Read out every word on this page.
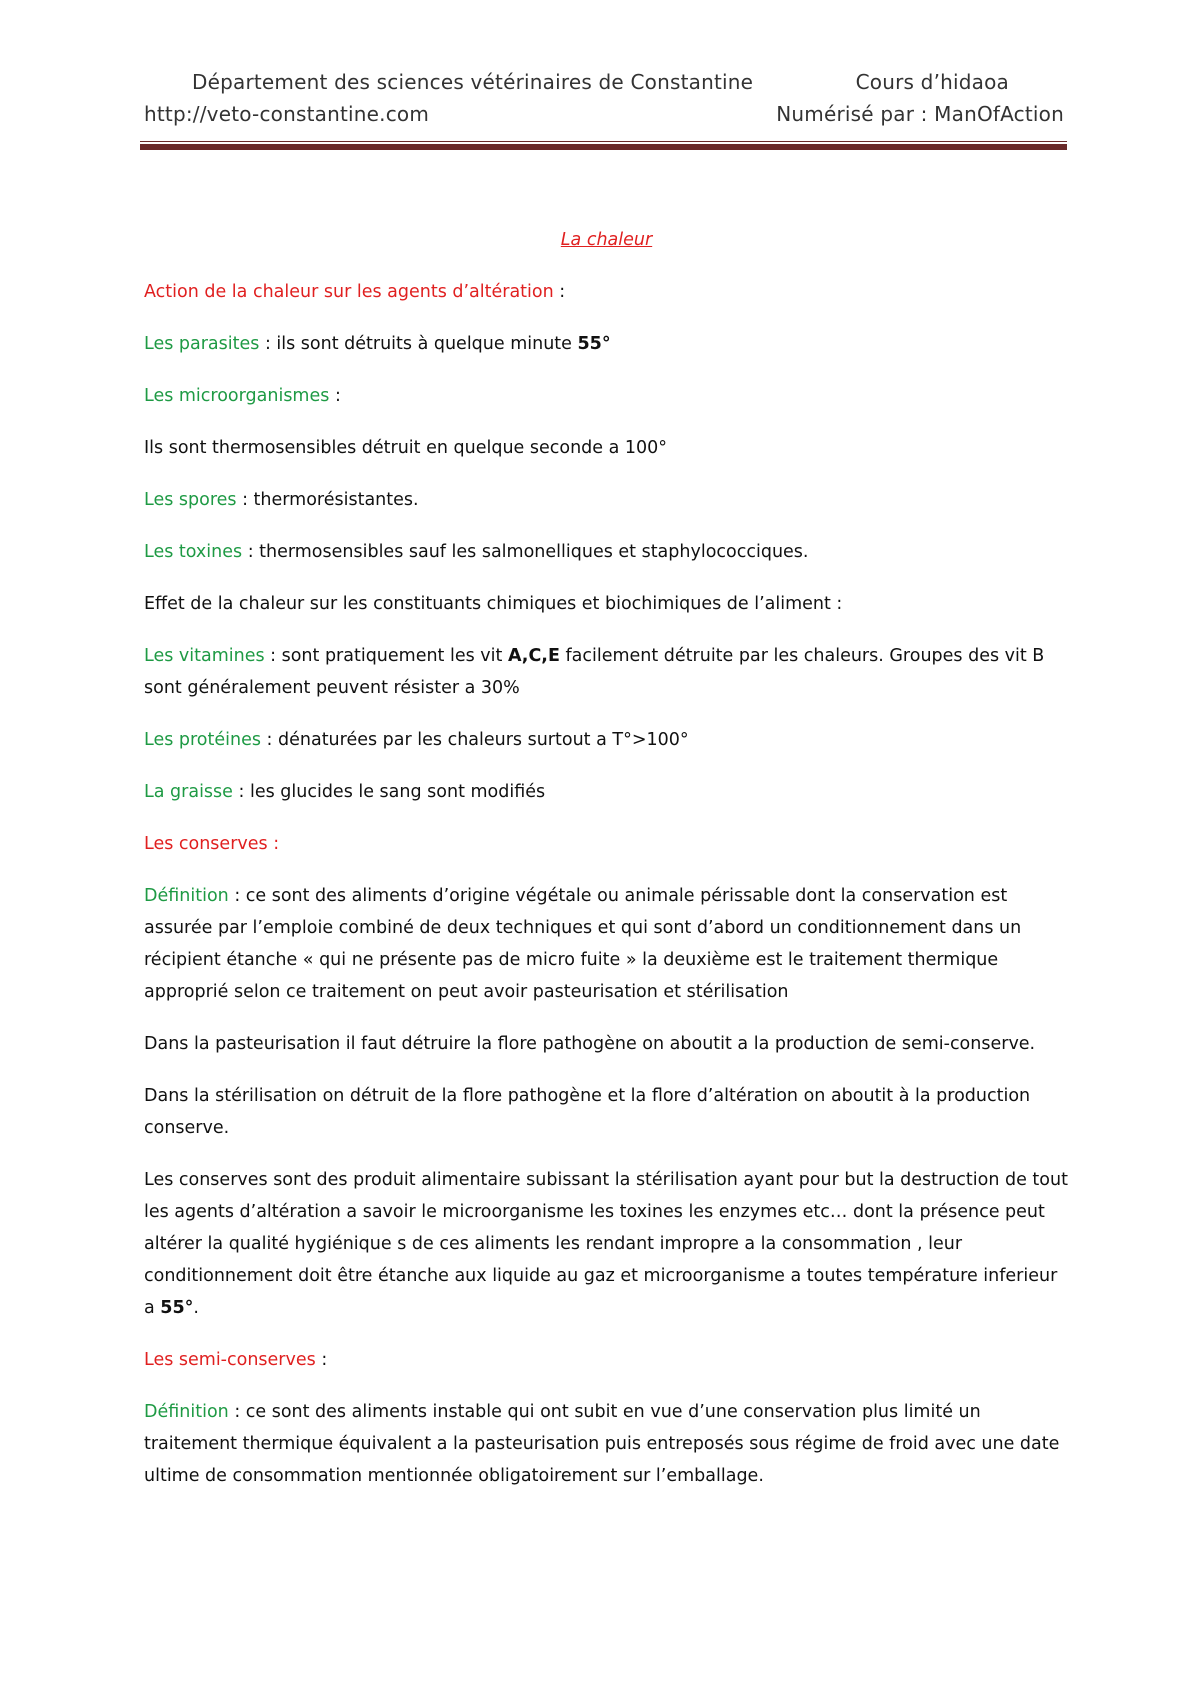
Département des sciences vétérinaires de Constantine	Cours d’hidaoa
http://veto-constantine.com	Numérisé par : ManOfAction

La chaleur

Action de la chaleur sur les agents d’altération :

Les parasites : ils sont détruits à quelque minute 55°

Les microorganismes :

Ils sont thermosensibles détruit en quelque seconde a 100°

Les spores : thermorésistantes.

Les toxines : thermosensibles sauf les salmonelliques et staphylococciques.

Effet de la chaleur sur les constituants chimiques et biochimiques de l’aliment :

Les vitamines : sont pratiquement les vit A,C,E facilement détruite par les chaleurs. Groupes des vit B sont généralement peuvent résister a 30%

Les protéines : dénaturées par les chaleurs surtout a T°>100°

La graisse : les glucides le sang sont modifiés

Les conserves :

Définition : ce sont des aliments d’origine végétale ou animale périssable dont la conservation est assurée par l’emploie combiné de deux techniques et qui sont d’abord un conditionnement dans un récipient étanche « qui ne présente pas de micro fuite » la deuxième est le traitement thermique approprié selon ce traitement on peut avoir pasteurisation et stérilisation

Dans la pasteurisation il faut détruire la flore pathogène on aboutit a la production de semi-conserve.

Dans la stérilisation on détruit de la flore pathogène et la flore d’altération on aboutit à la production conserve.

Les conserves sont des produit alimentaire subissant la stérilisation ayant pour but la destruction de tout les agents d’altération a savoir le microorganisme les toxines les enzymes etc… dont la présence peut altérer la qualité hygiénique s de ces aliments les rendant impropre a la consommation , leur conditionnement doit être étanche aux liquide au gaz et microorganisme a toutes température inferieur a 55°.

Les semi-conserves :

Définition : ce sont des aliments instable qui ont subit en vue d’une conservation plus limité un traitement thermique équivalent a la pasteurisation puis entreposés sous régime de froid avec une date ultime de consommation mentionnée obligatoirement sur l’emballage.
